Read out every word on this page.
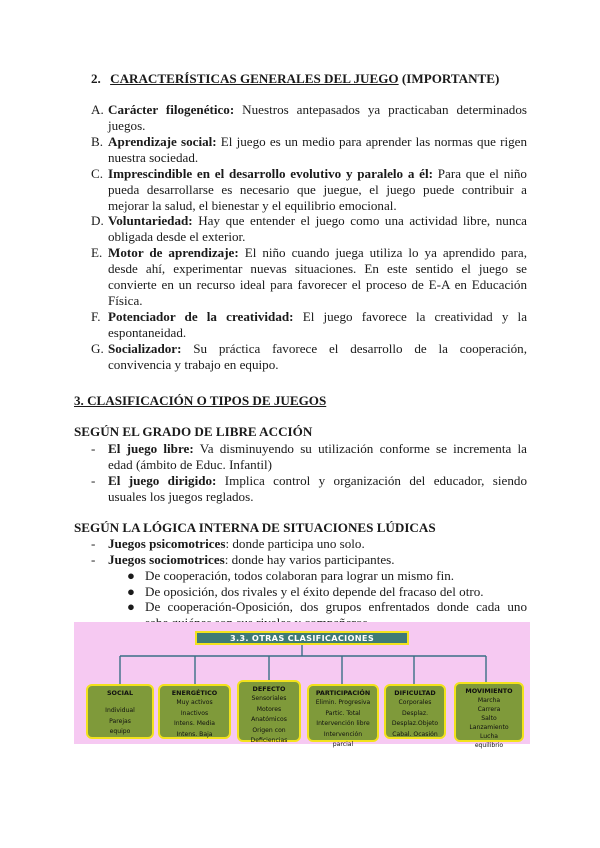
2. CARACTERÍSTICAS GENERALES DEL JUEGO (IMPORTANTE)
A. Carácter filogenético: Nuestros antepasados ya practicaban determinados
juegos.
B. Aprendizaje social: El juego es un medio para aprender las normas que rigen
nuestra sociedad.
C. Imprescindible en el desarrollo evolutivo y paralelo a él: Para que el niño
pueda desarrollarse es necesario que juegue, el juego puede contribuir a
mejorar la salud, el bienestar y el equilibrio emocional.
D. Voluntariedad: Hay que entender el juego como una actividad libre, nunca
obligada desde el exterior.
E. Motor de aprendizaje: El niño cuando juega utiliza lo ya aprendido para,
desde ahí, experimentar nuevas situaciones. En este sentido el juego se
convierte en un recurso ideal para favorecer el proceso de E-A en Educación
Física.
F. Potenciador de la creatividad: El juego favorece la creatividad y la
espontaneidad.
G. Socializador: Su práctica favorece el desarrollo de la cooperación,
convivencia y trabajo en equipo.
3. CLASIFICACIÓN O TIPOS DE JUEGOS
SEGÚN EL GRADO DE LIBRE ACCIÓN
- El juego libre: Va disminuyendo su utilización conforme se incrementa la
edad (ámbito de Educ. Infantil)
- El juego dirigido: Implica control y organización del educador, siendo
usuales los juegos reglados.
SEGÚN LA LÓGICA INTERNA DE SITUACIONES LÚDICAS
- Juegos psicomotrices: donde participa uno solo.
- Juegos sociomotrices: donde hay varios participantes.
● De cooperación, todos colaboran para lograr un mismo fin.
● De oposición, dos rivales y el éxito depende del fracaso del otro.
● De cooperación-Oposición, dos grupos enfrentados donde cada uno
3.3. OTRAS CLASIFICACIONES
SOCIAL
Individual
Parejas
equipo
ENERGÉTICO
Muy activos
Inactivos
Intens. Media
Intens. Baja
DEFECTO
Sensoriales
Motores
Anatómicos
Origen con
Deficiencias
PARTICIPACIÓN
Elimin. Progresiva
Partic. Total
Intervención libre
Intervención
parcial
DIFICULTAD
Corporales
Desplaz.
Desplaz.Objeto
Cabal. Ocasión
MOVIMIENTO
Marcha
Carrera
Salto
Lanzamiento
Lucha
equilibrio
